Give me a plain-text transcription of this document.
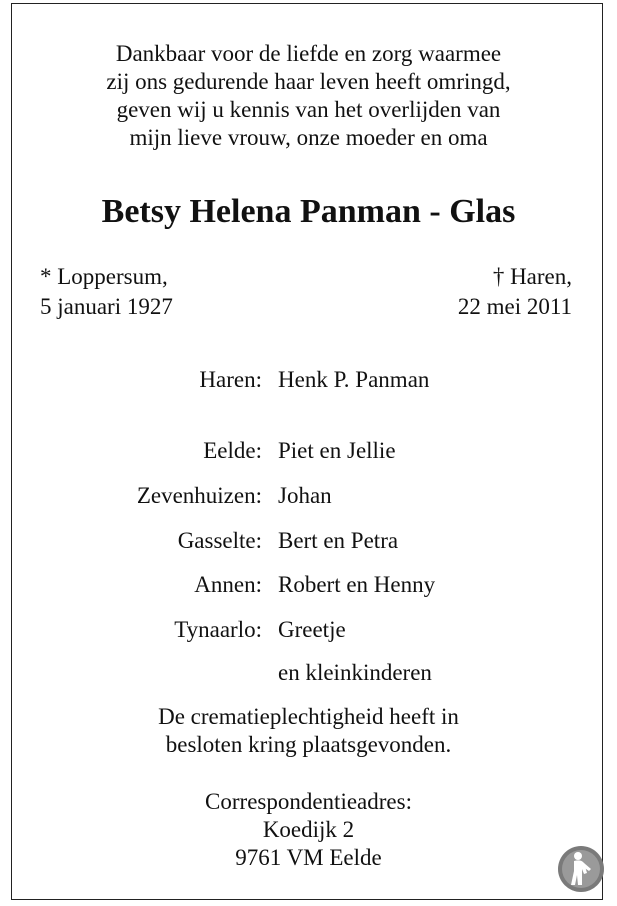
Dankbaar voor de liefde en zorg waarmee
zij ons gedurende haar leven heeft omringd,
geven wij u kennis van het overlijden van
mijn lieve vrouw, onze moeder en oma
Betsy Helena Panman - Glas
* Loppersum,
5 januari 1927
† Haren,
22 mei 2011
Haren: Henk P. Panman
Eelde: Piet en Jellie
Zevenhuizen: Johan
Gasselte: Bert en Petra
Annen: Robert en Henny
Tynaarlo: Greetje
en kleinkinderen
De crematieplechtigheid heeft in
besloten kring plaatsgevonden.
Correspondentieadres:
Koedijk 2
9761 VM Eelde
